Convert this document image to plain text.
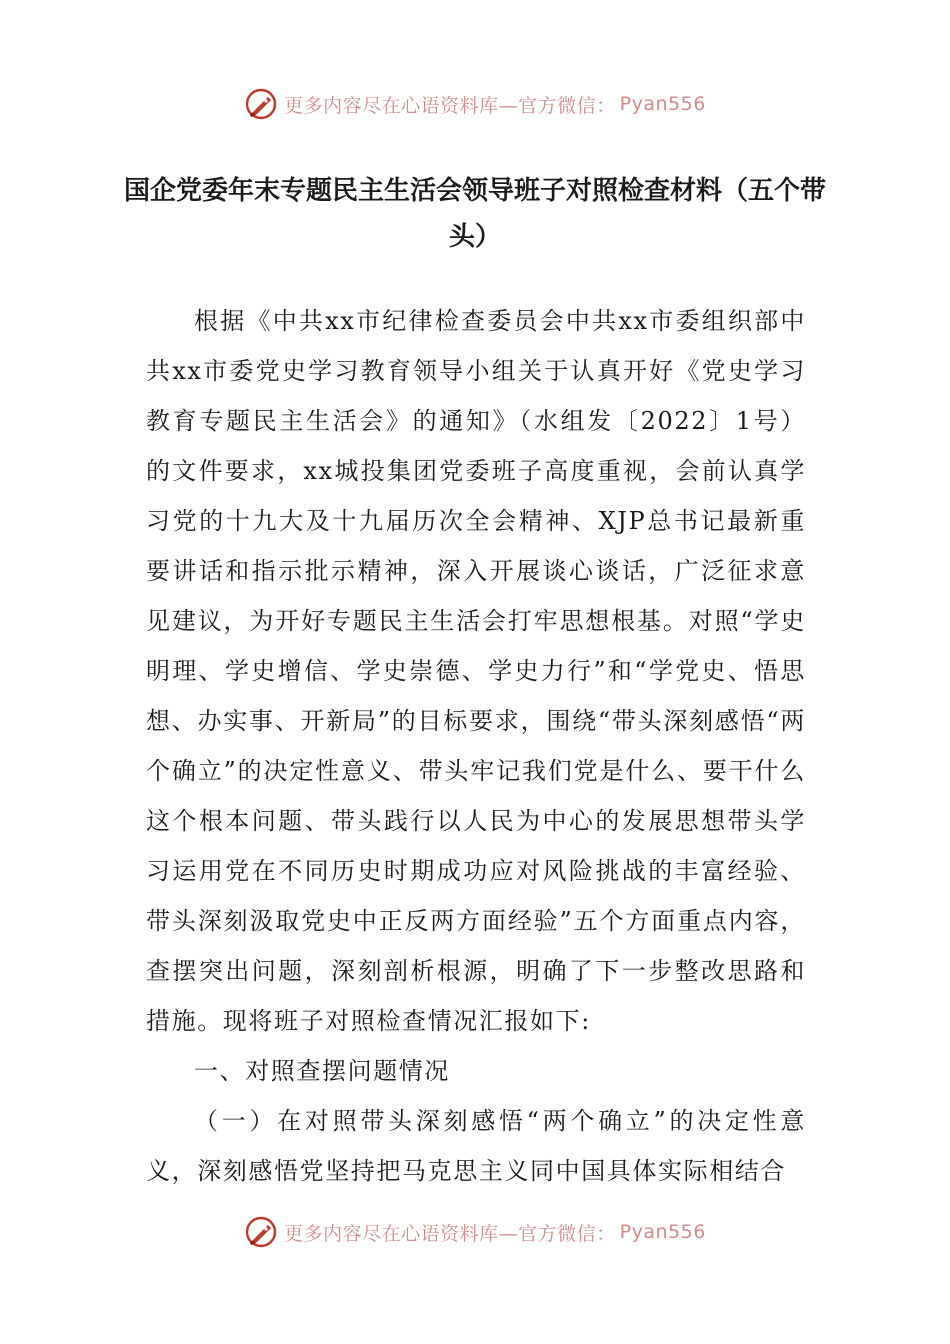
更多内容尽在心语资料库—官方微信： Pyan556
国企党委年末专题民主生活会领导班子对照检查材料（五个带头）

根据《中共xx市纪律检查委员会中共xx市委组织部中共xx市委党史学习教育领导小组关于认真开好《党史学习教育专题民主生活会》的通知》（水组发〔2022〕1号）的文件要求，xx城投集团党委班子高度重视，会前认真学习党的十九大及十九届历次全会精神、XJP总书记最新重要讲话和指示批示精神，深入开展谈心谈话，广泛征求意见建议，为开好专题民主生活会打牢思想根基。对照“学史明理、学史增信、学史崇德、学史力行”和“学党史、悟思想、办实事、开新局”的目标要求，围绕“带头深刻感悟“两个确立”的决定性意义、带头牢记我们党是什么、要干什么这个根本问题、带头践行以人民为中心的发展思想带头学习运用党在不同历史时期成功应对风险挑战的丰富经验、带头深刻汲取党史中正反两方面经验”五个方面重点内容，查摆突出问题，深刻剖析根源，明确了下一步整改思路和措施。现将班子对照检查情况汇报如下:

一、对照查摆问题情况

（一）在对照带头深刻感悟“两个确立”的决定性意义，深刻感悟党坚持把马克思主义同中国具体实际相结合

更多内容尽在心语资料库—官方微信： Pyan556
